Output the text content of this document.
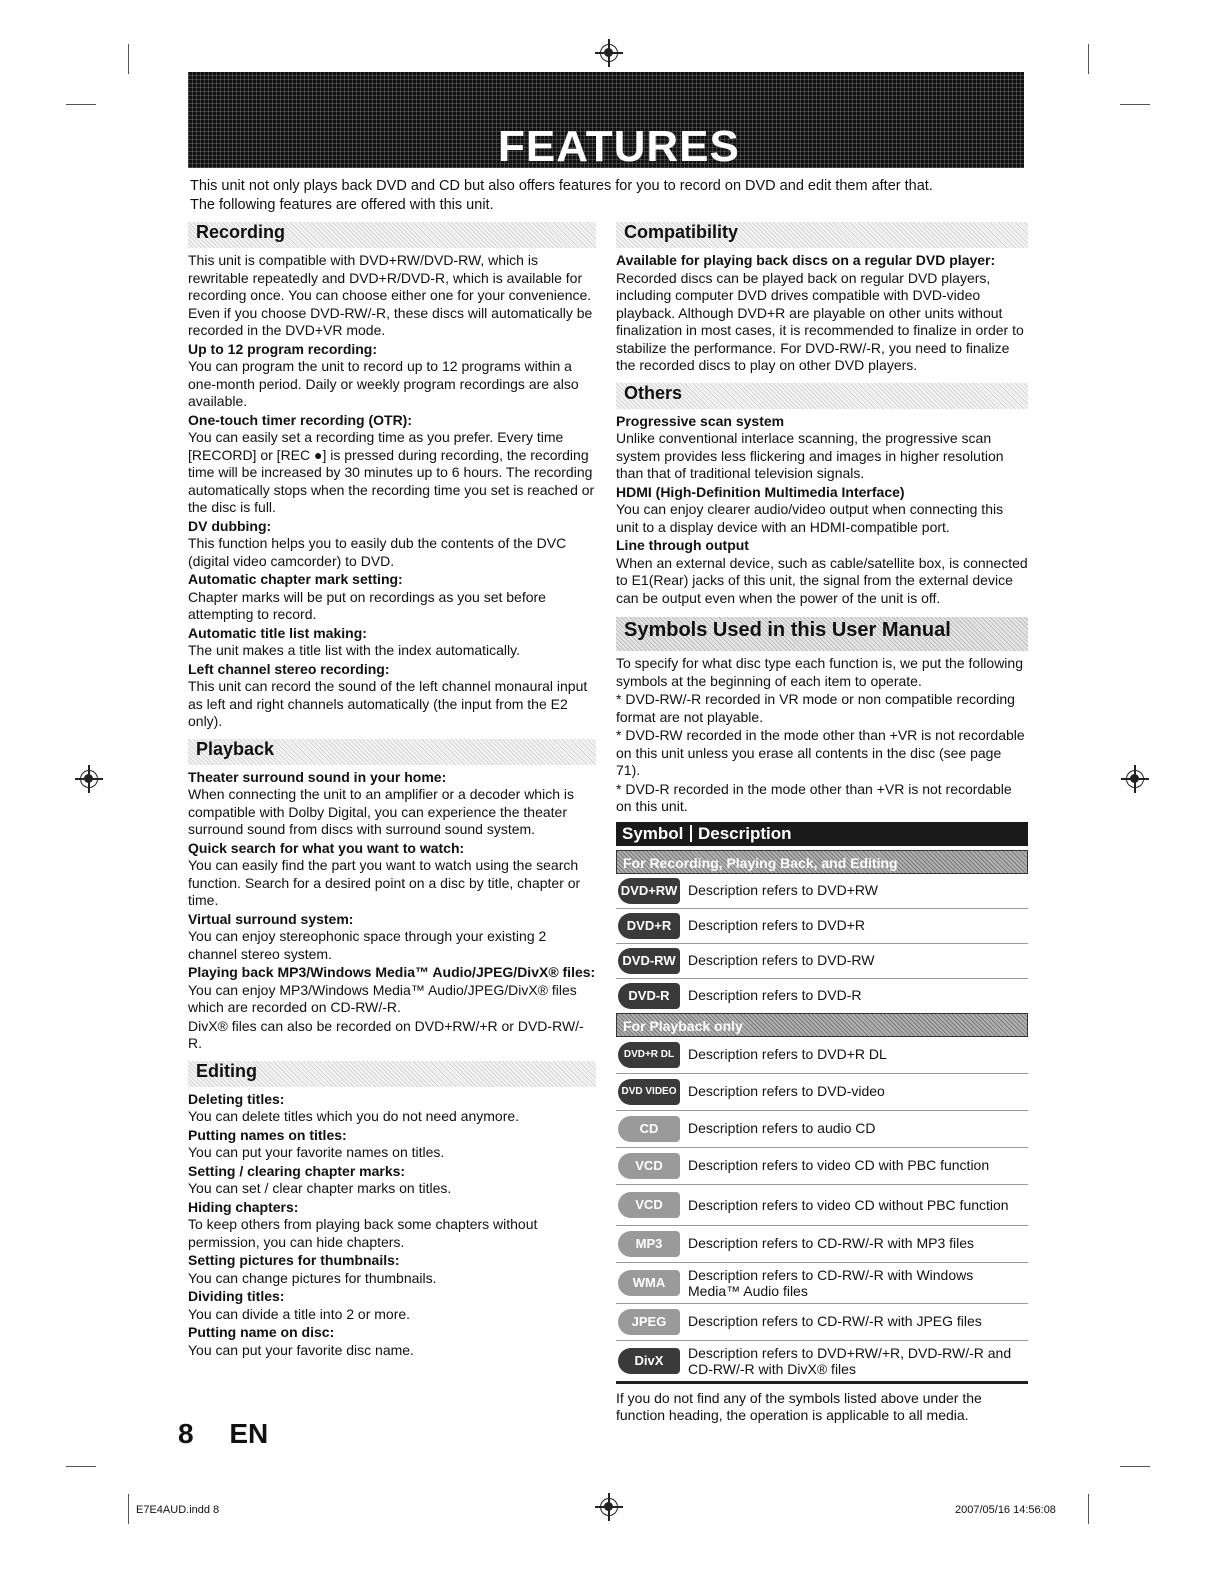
FEATURES
This unit not only plays back DVD and CD but also offers features for you to record on DVD and edit them after that.
The following features are offered with this unit.
Recording
This unit is compatible with DVD+RW/DVD-RW, which is rewritable repeatedly and DVD+R/DVD-R, which is available for recording once. You can choose either one for your convenience. Even if you choose DVD-RW/-R, these discs will automatically be recorded in the DVD+VR mode.
Up to 12 program recording:
You can program the unit to record up to 12 programs within a one-month period. Daily or weekly program recordings are also available.
One-touch timer recording (OTR):
You can easily set a recording time as you prefer. Every time [RECORD] or [REC ●] is pressed during recording, the recording time will be increased by 30 minutes up to 6 hours. The recording automatically stops when the recording time you set is reached or the disc is full.
DV dubbing:
This function helps you to easily dub the contents of the DVC (digital video camcorder) to DVD.
Automatic chapter mark setting:
Chapter marks will be put on recordings as you set before attempting to record.
Automatic title list making:
The unit makes a title list with the index automatically.
Left channel stereo recording:
This unit can record the sound of the left channel monaural input as left and right channels automatically (the input from the E2 only).
Playback
Theater surround sound in your home:
When connecting the unit to an amplifier or a decoder which is compatible with Dolby Digital, you can experience the theater surround sound from discs with surround sound system.
Quick search for what you want to watch:
You can easily find the part you want to watch using the search function. Search for a desired point on a disc by title, chapter or time.
Virtual surround system:
You can enjoy stereophonic space through your existing 2 channel stereo system.
Playing back MP3/Windows Media™ Audio/JPEG/DivX® files:
You can enjoy MP3/Windows Media™ Audio/JPEG/DivX® files which are recorded on CD-RW/-R.
DivX® files can also be recorded on DVD+RW/+R or DVD-RW/-R.
Editing
Deleting titles:
You can delete titles which you do not need anymore.
Putting names on titles:
You can put your favorite names on titles.
Setting / clearing chapter marks:
You can set / clear chapter marks on titles.
Hiding chapters:
To keep others from playing back some chapters without permission, you can hide chapters.
Setting pictures for thumbnails:
You can change pictures for thumbnails.
Dividing titles:
You can divide a title into 2 or more.
Putting name on disc:
You can put your favorite disc name.
Compatibility
Available for playing back discs on a regular DVD player:
Recorded discs can be played back on regular DVD players, including computer DVD drives compatible with DVD-video playback. Although DVD+R are playable on other units without finalization in most cases, it is recommended to finalize in order to stabilize the performance. For DVD-RW/-R, you need to finalize the recorded discs to play on other DVD players.
Others
Progressive scan system
Unlike conventional interlace scanning, the progressive scan system provides less flickering and images in higher resolution than that of traditional television signals.
HDMI (High-Definition Multimedia Interface)
You can enjoy clearer audio/video output when connecting this unit to a display device with an HDMI-compatible port.
Line through output
When an external device, such as cable/satellite box, is connected to E1(Rear) jacks of this unit, the signal from the external device can be output even when the power of the unit is off.
Symbols Used in this User Manual
To specify for what disc type each function is, we put the following symbols at the beginning of each item to operate.
* DVD-RW/-R recorded in VR mode or non compatible recording format are not playable.
* DVD-RW recorded in the mode other than +VR is not recordable on this unit unless you erase all contents in the disc (see page 71).
* DVD-R recorded in the mode other than +VR is not recordable on this unit.
Symbol Description
For Recording, Playing Back, and Editing
DVD+RW Description refers to DVD+RW
DVD+R Description refers to DVD+R
DVD-RW Description refers to DVD-RW
DVD-R Description refers to DVD-R
For Playback only
DVD+R DL Description refers to DVD+R DL
DVD VIDEO Description refers to DVD-video
CD Description refers to audio CD
VCD Description refers to video CD with PBC function
VCD Description refers to video CD without PBC function
MP3 Description refers to CD-RW/-R with MP3 files
WMA Description refers to CD-RW/-R with Windows Media™ Audio files
JPEG Description refers to CD-RW/-R with JPEG files
DivX Description refers to DVD+RW/+R, DVD-RW/-R and CD-RW/-R with DivX® files
If you do not find any of the symbols listed above under the function heading, the operation is applicable to all media.
8 EN
E7E4AUD.indd 8	2007/05/16 14:56:08
